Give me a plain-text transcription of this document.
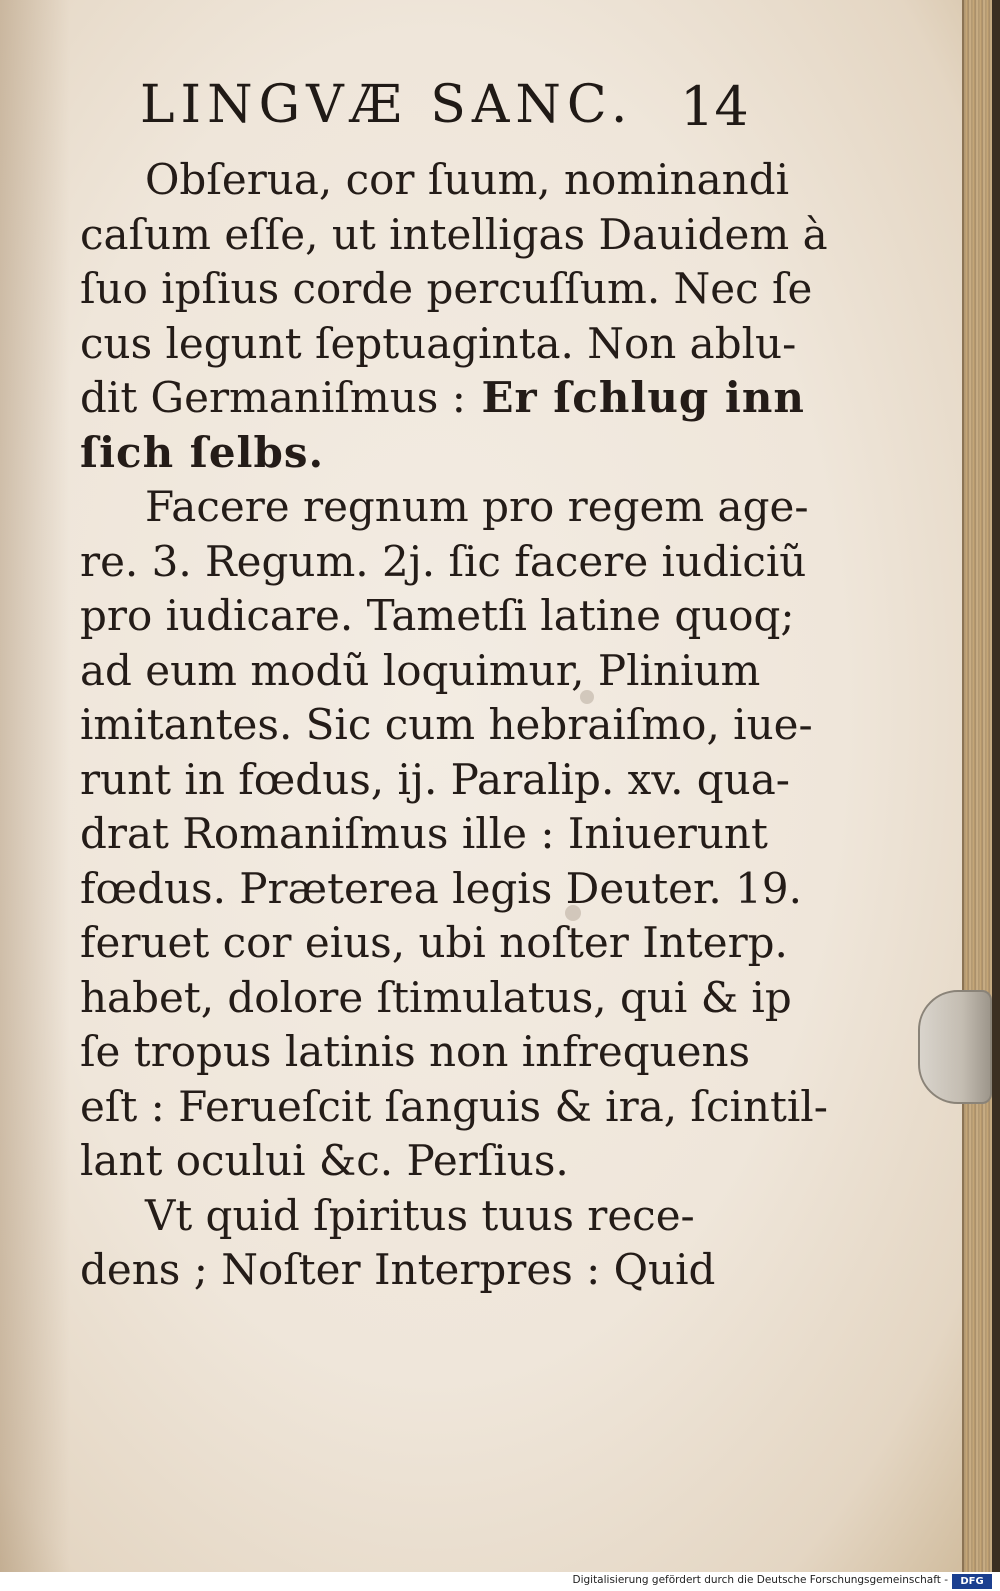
LINGVÆ SANC. 14
Obſerua, cor ſuum, nominandi
caſum eſſe, ut intelligas Dauidem à
ſuo ipſius corde percuſſum. Nec ſe
cus legunt ſeptuaginta. Non ablu-
dit Germaniſmus : Er ſchlug inn
ſich ſelbs.
Facere regnum pro regem age-
re. 3. Regum. 2j. ſic facere iudiciũ
pro iudicare. Tametſi latine quoq;
ad eum modũ loquimur, Plinium
imitantes. Sic cum hebraiſmo, iue-
runt in fœdus, ij. Paralip. xv. qua-
drat Romaniſmus ille : Iniuerunt
fœdus. Præterea legis Deuter. 19.
feruet cor eius, ubi noſter Interp.
habet, dolore ſtimulatus, qui & ip
ſe tropus latinis non infrequens
eſt : Feruеſcit ſanguis & ira, ſcintil-
lant ocului &c. Perſius.
Vt quid ſpiritus tuus rece-
dens ; Noſter Interpres : Quid
Digitalisierung gefördert durch die Deutsche Forschungsgemeinschaft -	DFG
